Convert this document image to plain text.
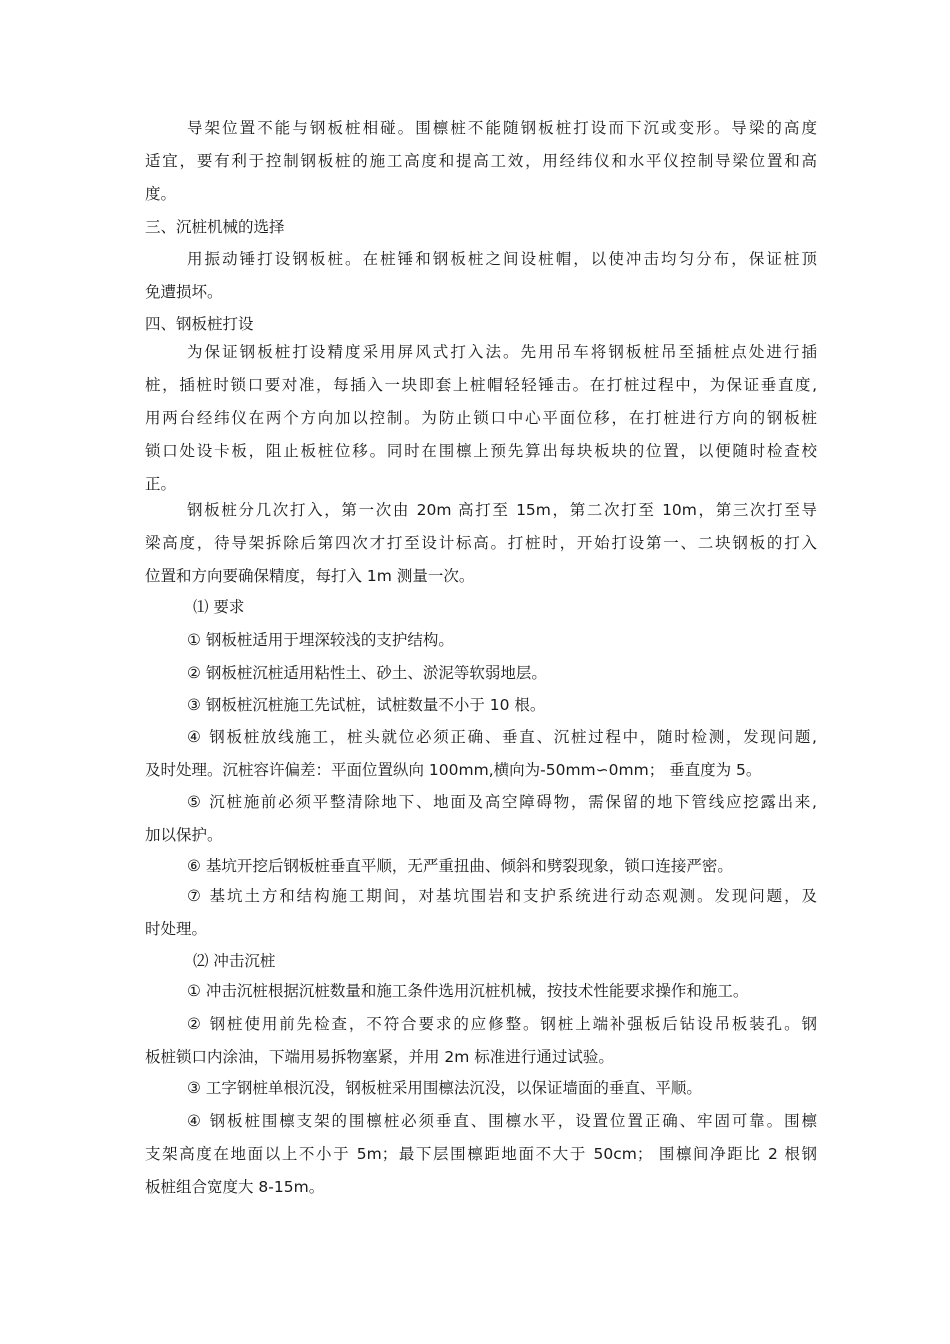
导架位置不能与钢板桩相碰。围檩桩不能随钢板桩打设而下沉或变形。导梁的高度
适宜，要有利于控制钢板桩的施工高度和提高工效，用经纬仪和水平仪控制导梁位置和高
度。
三、沉桩机械的选择
用振动锤打设钢板桩。在桩锤和钢板桩之间设桩帽，以使冲击均匀分布，保证桩顶
免遭损坏。
四、钢板桩打设
为保证钢板桩打设精度采用屏风式打入法。先用吊车将钢板桩吊至插桩点处进行插
桩，插桩时锁口要对准，每插入一块即套上桩帽轻轻锤击。在打桩过程中，为保证垂直度,
用两台经纬仪在两个方向加以控制。为防止锁口中心平面位移，在打桩进行方向的钢板桩
锁口处设卡板，阻止板桩位移。同时在围檩上预先算出每块板块的位置，以便随时检查校
正。
钢板桩分几次打入，第一次由 20m 高打至 15m，第二次打至 10m，第三次打至导
梁高度，待导架拆除后第四次才打至设计标高。打桩时，开始打设第一、二块钢板的打入
位置和方向要确保精度，每打入 1m 测量一次。
⑴ 要求
① 钢板桩适用于埋深较浅的支护结构。
② 钢板桩沉桩适用粘性土、砂土、淤泥等软弱地层。
③ 钢板桩沉桩施工先试桩，试桩数量不小于 10 根。
④ 钢板桩放线施工，桩头就位必须正确、垂直、沉桩过程中，随时检测，发现问题,
及时处理。沉桩容许偏差：平面位置纵向 100mm,横向为-50mm∽0mm； 垂直度为 5。
⑤ 沉桩施前必须平整清除地下、地面及高空障碍物，需保留的地下管线应挖露出来,
加以保护。
⑥ 基坑开挖后钢板桩垂直平顺，无严重扭曲、倾斜和劈裂现象，锁口连接严密。
⑦ 基坑土方和结构施工期间，对基坑围岩和支护系统进行动态观测。发现问题，及
时处理。
⑵ 冲击沉桩
① 冲击沉桩根据沉桩数量和施工条件选用沉桩机械，按技术性能要求操作和施工。
② 钢桩使用前先检查，不符合要求的应修整。钢桩上端补强板后钻设吊板装孔。钢
板桩锁口内涂油，下端用易拆物塞紧，并用 2m 标准进行通过试验。
③ 工字钢桩单根沉没，钢板桩采用围檩法沉没，以保证墙面的垂直、平顺。
④ 钢板桩围檩支架的围檩桩必须垂直、围檩水平，设置位置正确、牢固可靠。围檩
支架高度在地面以上不小于 5m；最下层围檩距地面不大于 50cm； 围檩间净距比 2 根钢
板桩组合宽度大 8-15m。
